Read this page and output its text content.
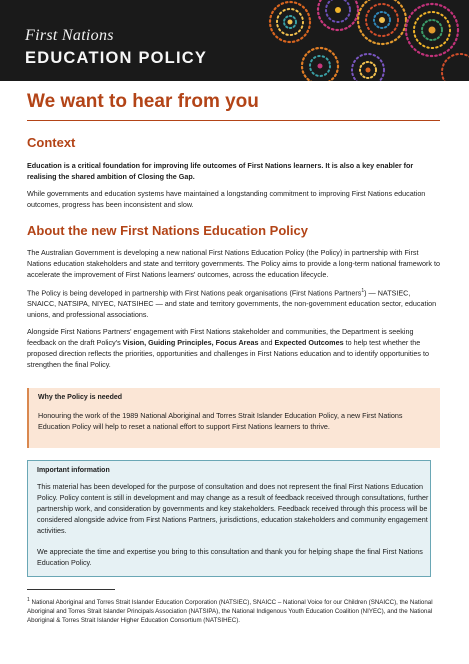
First Nations
EDUCATION POLICY
We want to hear from you
Context

Education is a critical foundation for improving life outcomes of First Nations learners. It is also a key enabler for realising the shared ambition of Closing the Gap.

While governments and education systems have maintained a longstanding commitment to improving First Nations education outcomes, progress has been inconsistent and slow.

About the new First Nations Education Policy

The Australian Government is developing a new national First Nations Education Policy (the Policy) in partnership with First Nations education stakeholders and state and territory governments. The Policy aims to provide a long-term national framework to accelerate the improvement of First Nations learners' outcomes, across the education lifecycle.

The Policy is being developed in partnership with First Nations peak organisations (First Nations Partners$^1$) — NATSIEC, SNAICC, NATSIPA, NIYEC, NATSIHEC — and state and territory governments, the non-government education sector, education unions, and professional associations.

Alongside First Nations Partners' engagement with First Nations stakeholder and communities, the Department is seeking feedback on the draft Policy's Vision, Guiding Principles, Focus Areas and Expected Outcomes to help test whether the proposed direction reflects the priorities, opportunities and challenges in First Nations education and to identify opportunities to strengthen the final Policy.

Why the Policy is needed
Honouring the work of the 1989 National Aboriginal and Torres Strait Islander Education Policy, a new First Nations Education Policy will help to reset a national effort to support First Nations learners to thrive.
Important information
This material has been developed for the purpose of consultation and does not represent the final First Nations Education Policy. Policy content is still in development and may change as a result of feedback received through consultations, further partnership work, and consideration by governments and key stakeholders. Feedback received through this process will be considered alongside advice from First Nations Partners, jurisdictions, education stakeholders and community engagement activities.
We appreciate the time and expertise you bring to this consultation and thank you for helping shape the final First Nations Education Policy.
$^1$ National Aboriginal and Torres Strait Islander Education Corporation (NATSIEC), SNAICC – National Voice for our Children (SNAICC), the National Aboriginal and Torres Strait Islander Principals Association (NATSIPA), the National Indigenous Youth Education Coalition (NIYEC), and the National Aboriginal & Torres Strait Islander Higher Education Consortium (NATSIHEC).
